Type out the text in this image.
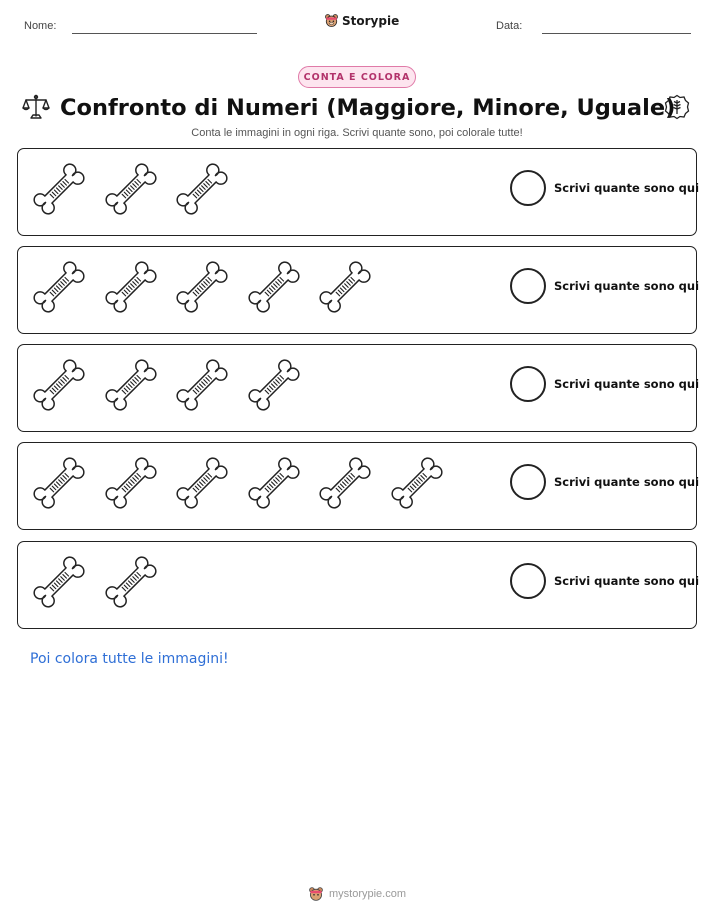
Nome:	Storypie	Data:
CONTA E COLORA
Confronto di Numeri (Maggiore, Minore, Uguale)
Conta le immagini in ogni riga. Scrivi quante sono, poi colorale tutte!
Scrivi quante sono qui
Scrivi quante sono qui
Scrivi quante sono qui
Scrivi quante sono qui
Scrivi quante sono qui
Poi colora tutte le immagini!
mystorypie.com
